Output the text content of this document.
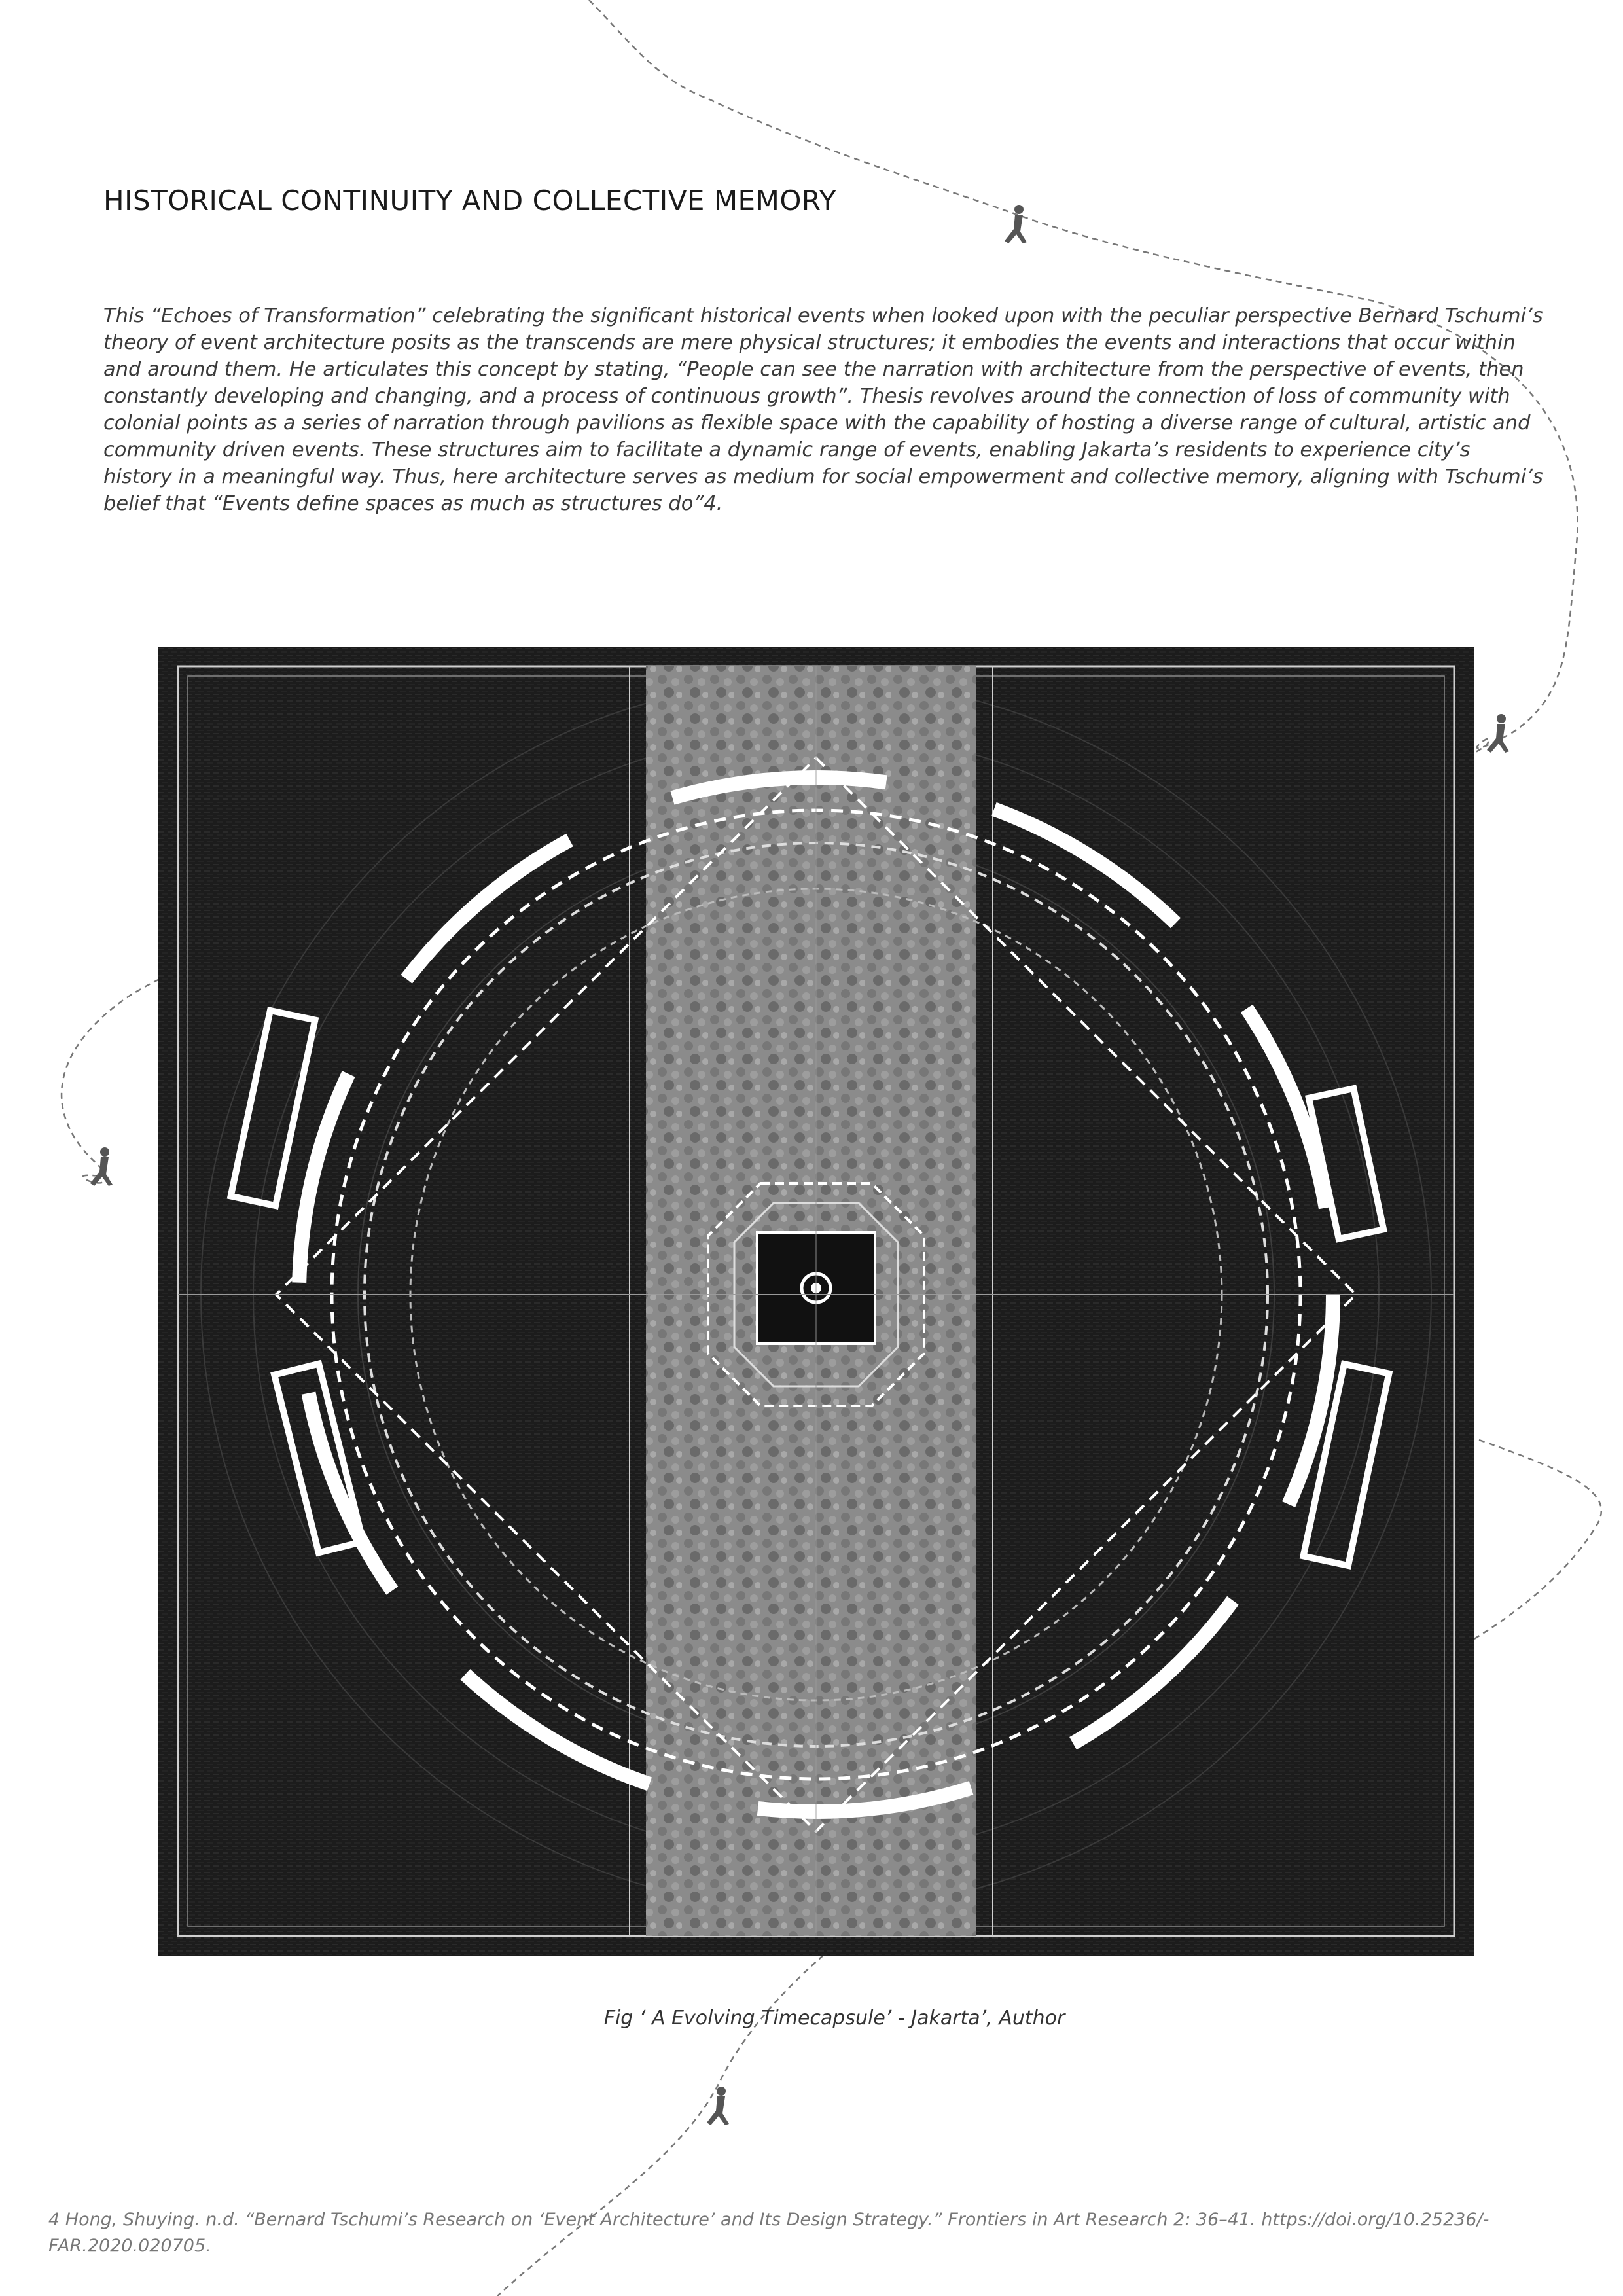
HISTORICAL CONTINUITY AND COLLECTIVE MEMORY
This “Echoes of Transformation” celebrating the significant historical events when looked upon with the peculiar perspective Bernard Tschumi’s theory of event architecture posits as the transcends are mere physical structures; it embodies the events and interactions that occur within and around them. He articulates this concept by stating, “People can see the narration with architecture from the perspective of events, then constantly developing and changing, and a process of continuous growth”. Thesis revolves around the connection of loss of community with colonial points as a series of narration through pavilions as flexible space with the capability of hosting a diverse range of cultural, artistic and community driven events. These structures aim to facilitate a dynamic range of events, enabling Jakarta’s residents to experience city’s history in a meaningful way. Thus, here architecture serves as medium for social empowerment and collective memory, aligning with Tschumi’s belief that “Events define spaces as much as structures do”4.
Fig ‘ A Evolving Timecapsule’ - Jakarta’, Author
4 Hong, Shuying. n.d. “Bernard Tschumi’s Research on ‘Event Architecture’ and Its Design Strategy.” Frontiers in Art Research 2: 36–41. https://doi.org/10.25236/-FAR.2020.020705.
